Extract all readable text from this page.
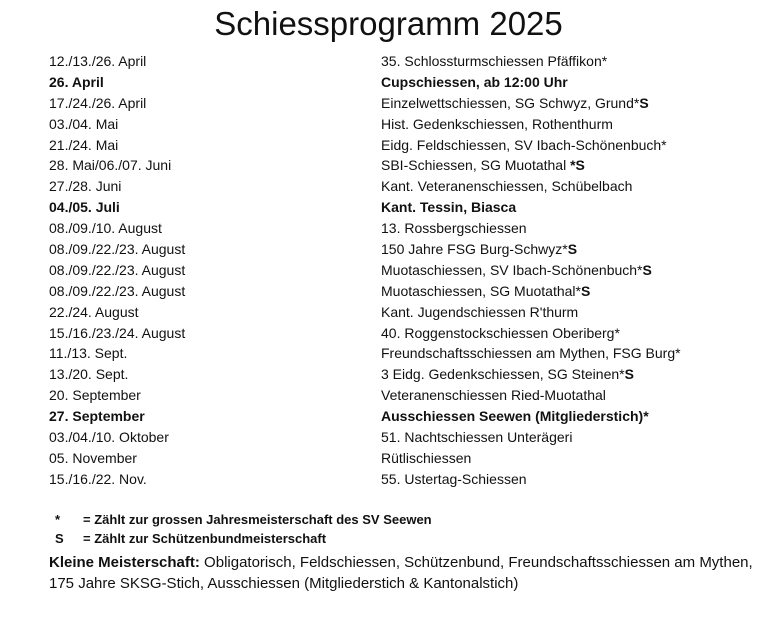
Schiessprogramm 2025
12./13./26. April	35. Schlossturmschiessen Pfäffikon*
26. April	Cupschiessen, ab 12:00 Uhr
17./24./26. April	Einzelwettschiessen, SG Schwyz, Grund*S
03./04. Mai	Hist. Gedenkschiessen, Rothenthurm
21./24. Mai	Eidg. Feldschiessen, SV Ibach-Schönenbuch*
28. Mai/06./07. Juni	SBI-Schiessen, SG Muotathal *S
27./28. Juni	Kant. Veteranenschiessen, Schübelbach
04./05. Juli	Kant. Tessin, Biasca
08./09./10. August	13. Rossbergschiessen
08./09./22./23. August	150 Jahre FSG Burg-Schwyz*S
08./09./22./23. August	Muotaschiessen, SV Ibach-Schönenbuch*S
08./09./22./23. August	Muotaschiessen, SG Muotathal*S
22./24. August	Kant. Jugendschiessen R'thurm
15./16./23./24. August	40. Roggenstockschiessen Oberiberg*
11./13. Sept.	Freundschaftsschiessen am Mythen, FSG Burg*
13./20. Sept.	3 Eidg. Gedenkschiessen, SG Steinen*S
20. September	Veteranenschiessen Ried-Muotathal
27. September	Ausschiessen Seewen (Mitgliederstich)*
03./04./10. Oktober	51. Nachtschiessen Unterägeri
05. November	Rütlischiessen
15./16./22. Nov.	55. Ustertag-Schiessen
* = Zählt zur grossen Jahresmeisterschaft des SV Seewen
S = Zählt zur Schützenbundmeisterschaft
Kleine Meisterschaft: Obligatorisch, Feldschiessen, Schützenbund, Freundschaftsschiessen am Mythen, 175 Jahre SKSG-Stich, Ausschiessen (Mitgliederstich & Kantonalstich)
